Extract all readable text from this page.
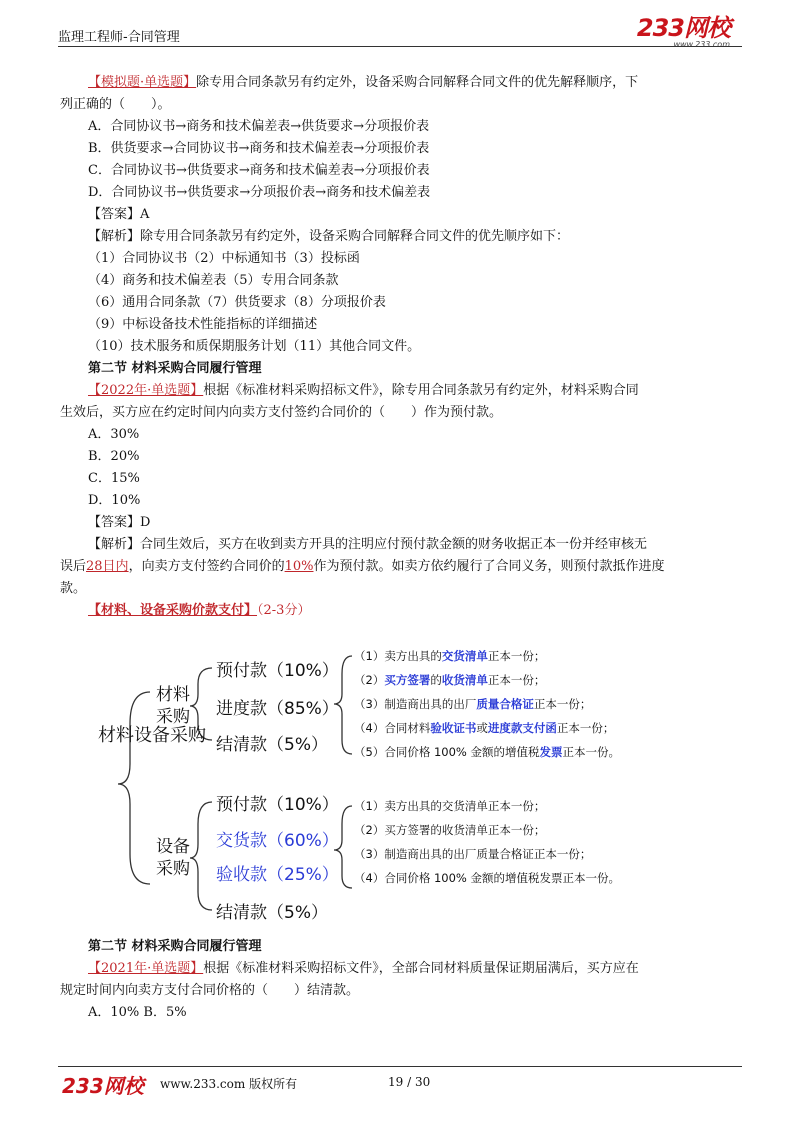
监理工程师-合同管理	233网校
www.233.com
【模拟题·单选题】除专用合同条款另有约定外，设备采购合同解释合同文件的优先解释顺序，下
列正确的（　　）。
A．合同协议书→商务和技术偏差表→供货要求→分项报价表
B．供货要求→合同协议书→商务和技术偏差表→分项报价表
C．合同协议书→供货要求→商务和技术偏差表→分项报价表
D．合同协议书→供货要求→分项报价表→商务和技术偏差表
【答案】A
【解析】除专用合同条款另有约定外，设备采购合同解释合同文件的优先顺序如下：
（1）合同协议书（2）中标通知书（3）投标函
（4）商务和技术偏差表（5）专用合同条款
（6）通用合同条款（7）供货要求（8）分项报价表
（9）中标设备技术性能指标的详细描述
（10）技术服务和质保期服务计划（11）其他合同文件。
第二节 材料采购合同履行管理
【2022年·单选题】根据《标准材料采购招标文件》，除专用合同条款另有约定外，材料采购合同
生效后，买方应在约定时间内向卖方支付签约合同价的（　　）作为预付款。
A．30%
B．20%
C．15%
D．10%
【答案】D
【解析】合同生效后，买方在收到卖方开具的注明应付预付款金额的财务收据正本一份并经审核无
误后28日内，向卖方支付签约合同价的10%作为预付款。如卖方依约履行了合同义务，则预付款抵作进度
款。
【材料、设备采购价款支付】（2-3分）
材料设备采购
材料采购
预付款（10%）
进度款（85%）
结清款（5%）
（1）卖方出具的交货清单正本一份；
（2）买方签署的收货清单正本一份；
（3）制造商出具的出厂质量合格证正本一份；
（4）合同材料验收证书或进度款支付函正本一份；
（5）合同价格 100% 金额的增值税发票正本一份。
设备采购
预付款（10%）
交货款（60%）
验收款（25%）
结清款（5%）
（1）卖方出具的交货清单正本一份；
（2）买方签署的收货清单正本一份；
（3）制造商出具的出厂质量合格证正本一份；
（4）合同价格 100% 金额的增值税发票正本一份。
第二节 材料采购合同履行管理
【2021年·单选题】根据《标准材料采购招标文件》，全部合同材料质量保证期届满后，买方应在
规定时间内向卖方支付合同价格的（　　）结清款。
A．10% B．5%
233网校 www.233.com 版权所有	19 / 30
